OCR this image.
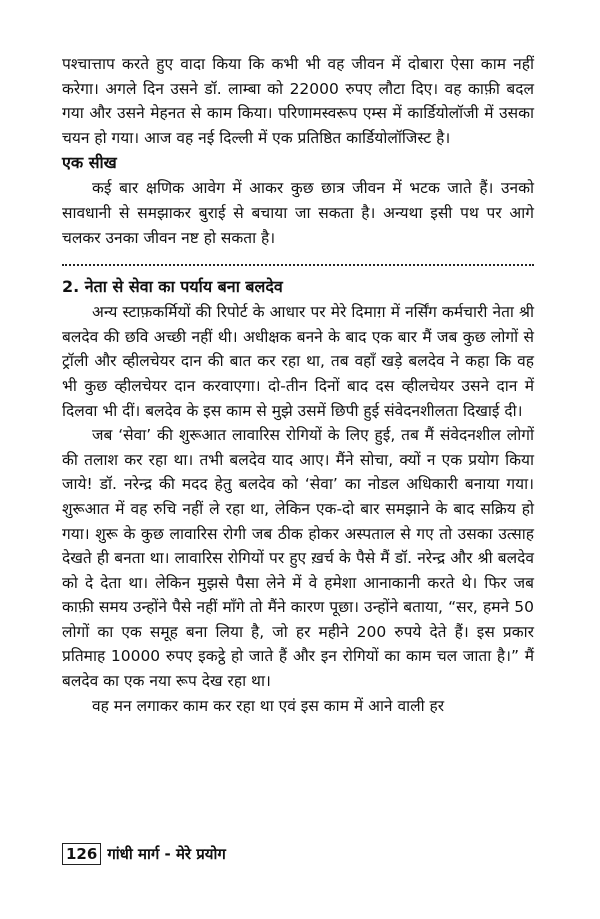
पश्चात्ताप करते हुए वादा किया कि कभी भी वह जीवन में दोबारा ऐसा काम नहीं करेगा। अगले दिन उसने डॉ. लाम्बा को 22000 रुपए लौटा दिए। वह काफ़ी बदल गया और उसने मेहनत से काम किया। परिणामस्वरूप एम्स में कार्डियोलॉजी में उसका चयन हो गया। आज वह नई दिल्ली में एक प्रतिष्ठित कार्डियोलॉजिस्ट है।

एक सीख

कई बार क्षणिक आवेग में आकर कुछ छात्र जीवन में भटक जाते हैं। उनको सावधानी से समझाकर बुराई से बचाया जा सकता है। अन्यथा इसी पथ पर आगे चलकर उनका जीवन नष्ट हो सकता है।

2. नेता से सेवा का पर्याय बना बलदेव

अन्य स्टाफ़कर्मियों की रिपोर्ट के आधार पर मेरे दिमाग़ में नर्सिंग कर्मचारी नेता श्री बलदेव की छवि अच्छी नहीं थी। अधीक्षक बनने के बाद एक बार मैं जब कुछ लोगों से ट्रॉली और व्हीलचेयर दान की बात कर रहा था, तब वहाँ खड़े बलदेव ने कहा कि वह भी कुछ व्हीलचेयर दान करवाएगा। दो-तीन दिनों बाद दस व्हीलचेयर उसने दान में दिलवा भी दीं। बलदेव के इस काम से मुझे उसमें छिपी हुई संवेदनशीलता दिखाई दी।

जब ‘सेवा’ की शुरूआत लावारिस रोगियों के लिए हुई, तब मैं संवेदनशील लोगों की तलाश कर रहा था। तभी बलदेव याद आए। मैंने सोचा, क्यों न एक प्रयोग किया जाये! डॉ. नरेन्द्र की मदद हेतु बलदेव को ‘सेवा’ का नोडल अधिकारी बनाया गया। शुरूआत में वह रुचि नहीं ले रहा था, लेकिन एक-दो बार समझाने के बाद सक्रिय हो गया। शुरू के कुछ लावारिस रोगी जब ठीक होकर अस्पताल से गए तो उसका उत्साह देखते ही बनता था। लावारिस रोगियों पर हुए ख़र्च के पैसे मैं डॉ. नरेन्द्र और श्री बलदेव को दे देता था। लेकिन मुझसे पैसा लेने में वे हमेशा आनाकानी करते थे। फिर जब काफ़ी समय उन्होंने पैसे नहीं माँगे तो मैंने कारण पूछा। उन्होंने बताया, “सर, हमने 50 लोगों का एक समूह बना लिया है, जो हर महीने 200 रुपये देते हैं। इस प्रकार प्रतिमाह 10000 रुपए इकट्ठे हो जाते हैं और इन रोगियों का काम चल जाता है।” मैं बलदेव का एक नया रूप देख रहा था।

वह मन लगाकर काम कर रहा था एवं इस काम में आने वाली हर

126 गांधी मार्ग - मेरे प्रयोग
